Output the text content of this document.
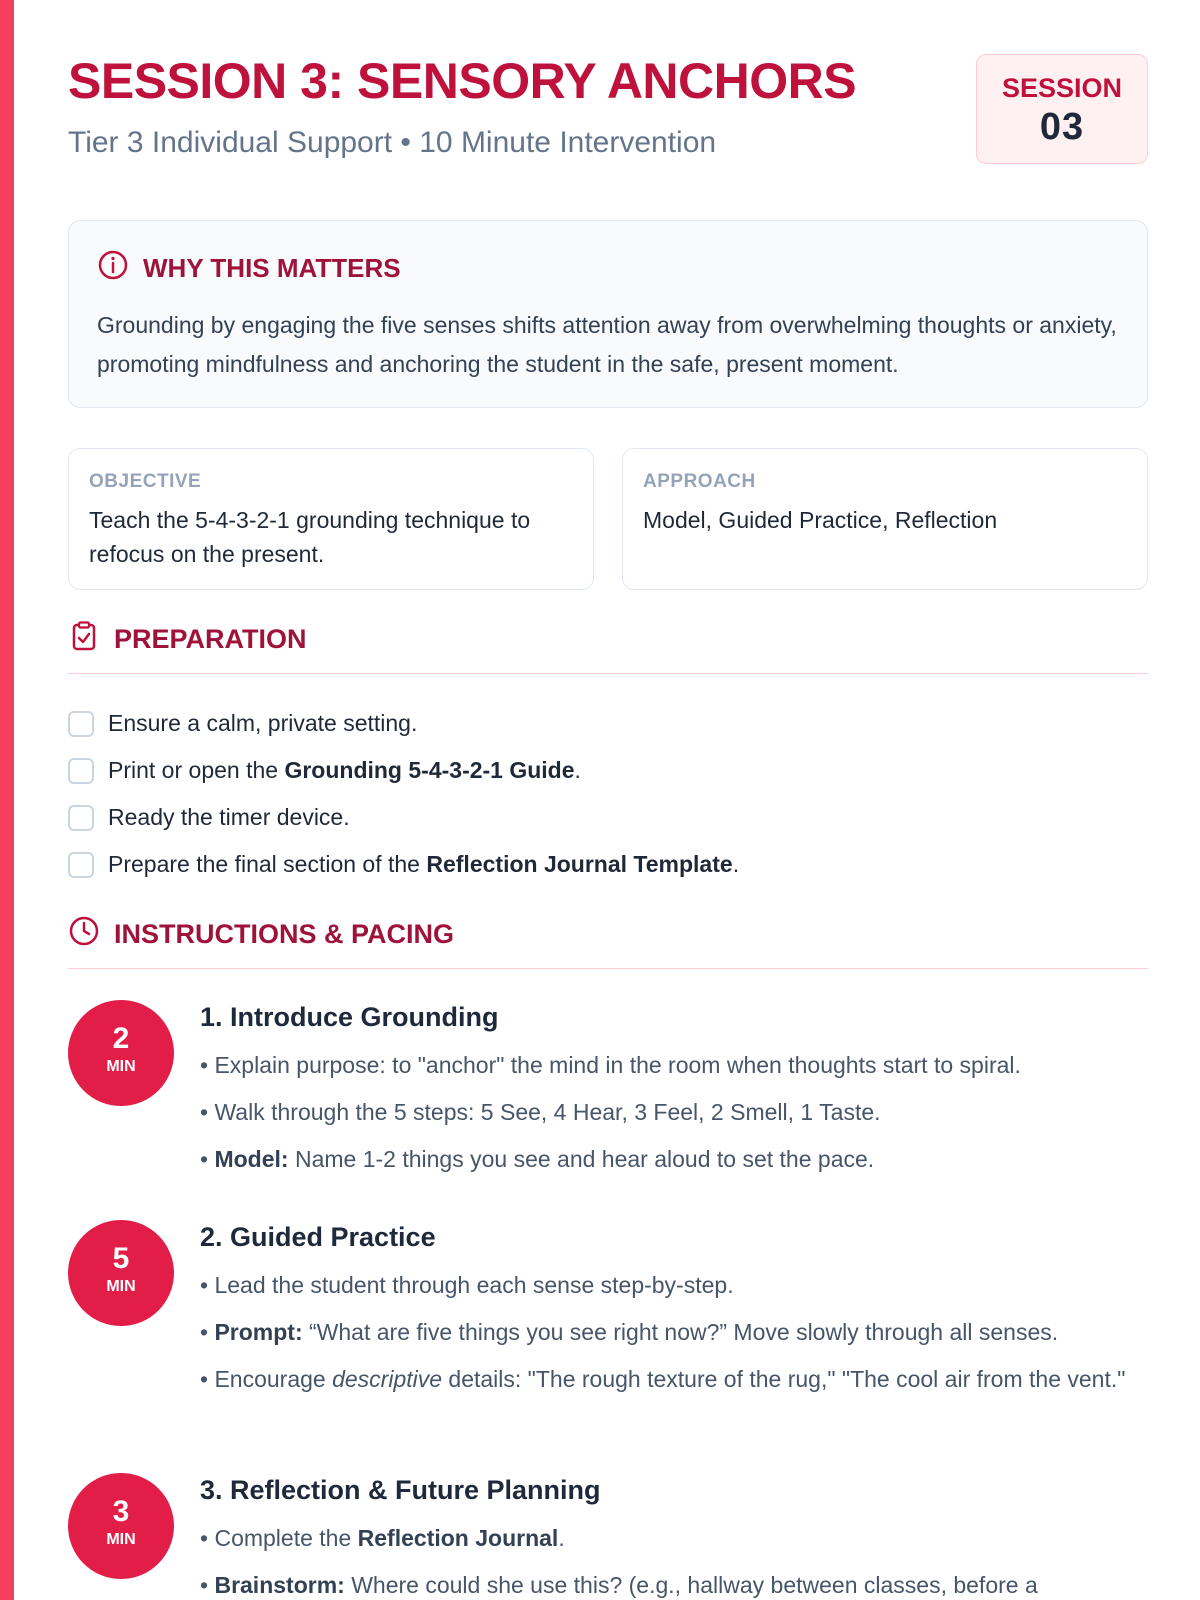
SESSION 3: SENSORY ANCHORS
Tier 3 Individual Support • 10 Minute Intervention
SESSION
03
WHY THIS MATTERS

Grounding by engaging the five senses shifts attention away from overwhelming thoughts or anxiety, promoting mindfulness and anchoring the student in the safe, present moment.

OBJECTIVE
Teach the 5-4-3-2-1 grounding technique to refocus on the present.
APPROACH
Model, Guided Practice, Reflection
PREPARATION
Ensure a calm, private setting.
Print or open the Grounding 5-4-3-2-1 Guide.
Ready the timer device.
Prepare the final section of the Reflection Journal Template.
INSTRUCTIONS & PACING
2
MIN
1. Introduce Grounding
• Explain purpose: to "anchor" the mind in the room when thoughts start to spiral.
• Walk through the 5 steps: 5 See, 4 Hear, 3 Feel, 2 Smell, 1 Taste.
• Model: Name 1-2 things you see and hear aloud to set the pace.
5
MIN
2. Guided Practice
• Lead the student through each sense step-by-step.
• Prompt: “What are five things you see right now?” Move slowly through all senses.
• Encourage descriptive details: "The rough texture of the rug," "The cool air from the vent."
3
MIN
3. Reflection & Future Planning
• Complete the Reflection Journal.
• Brainstorm: Where could she use this? (e.g., hallway between classes, before a
